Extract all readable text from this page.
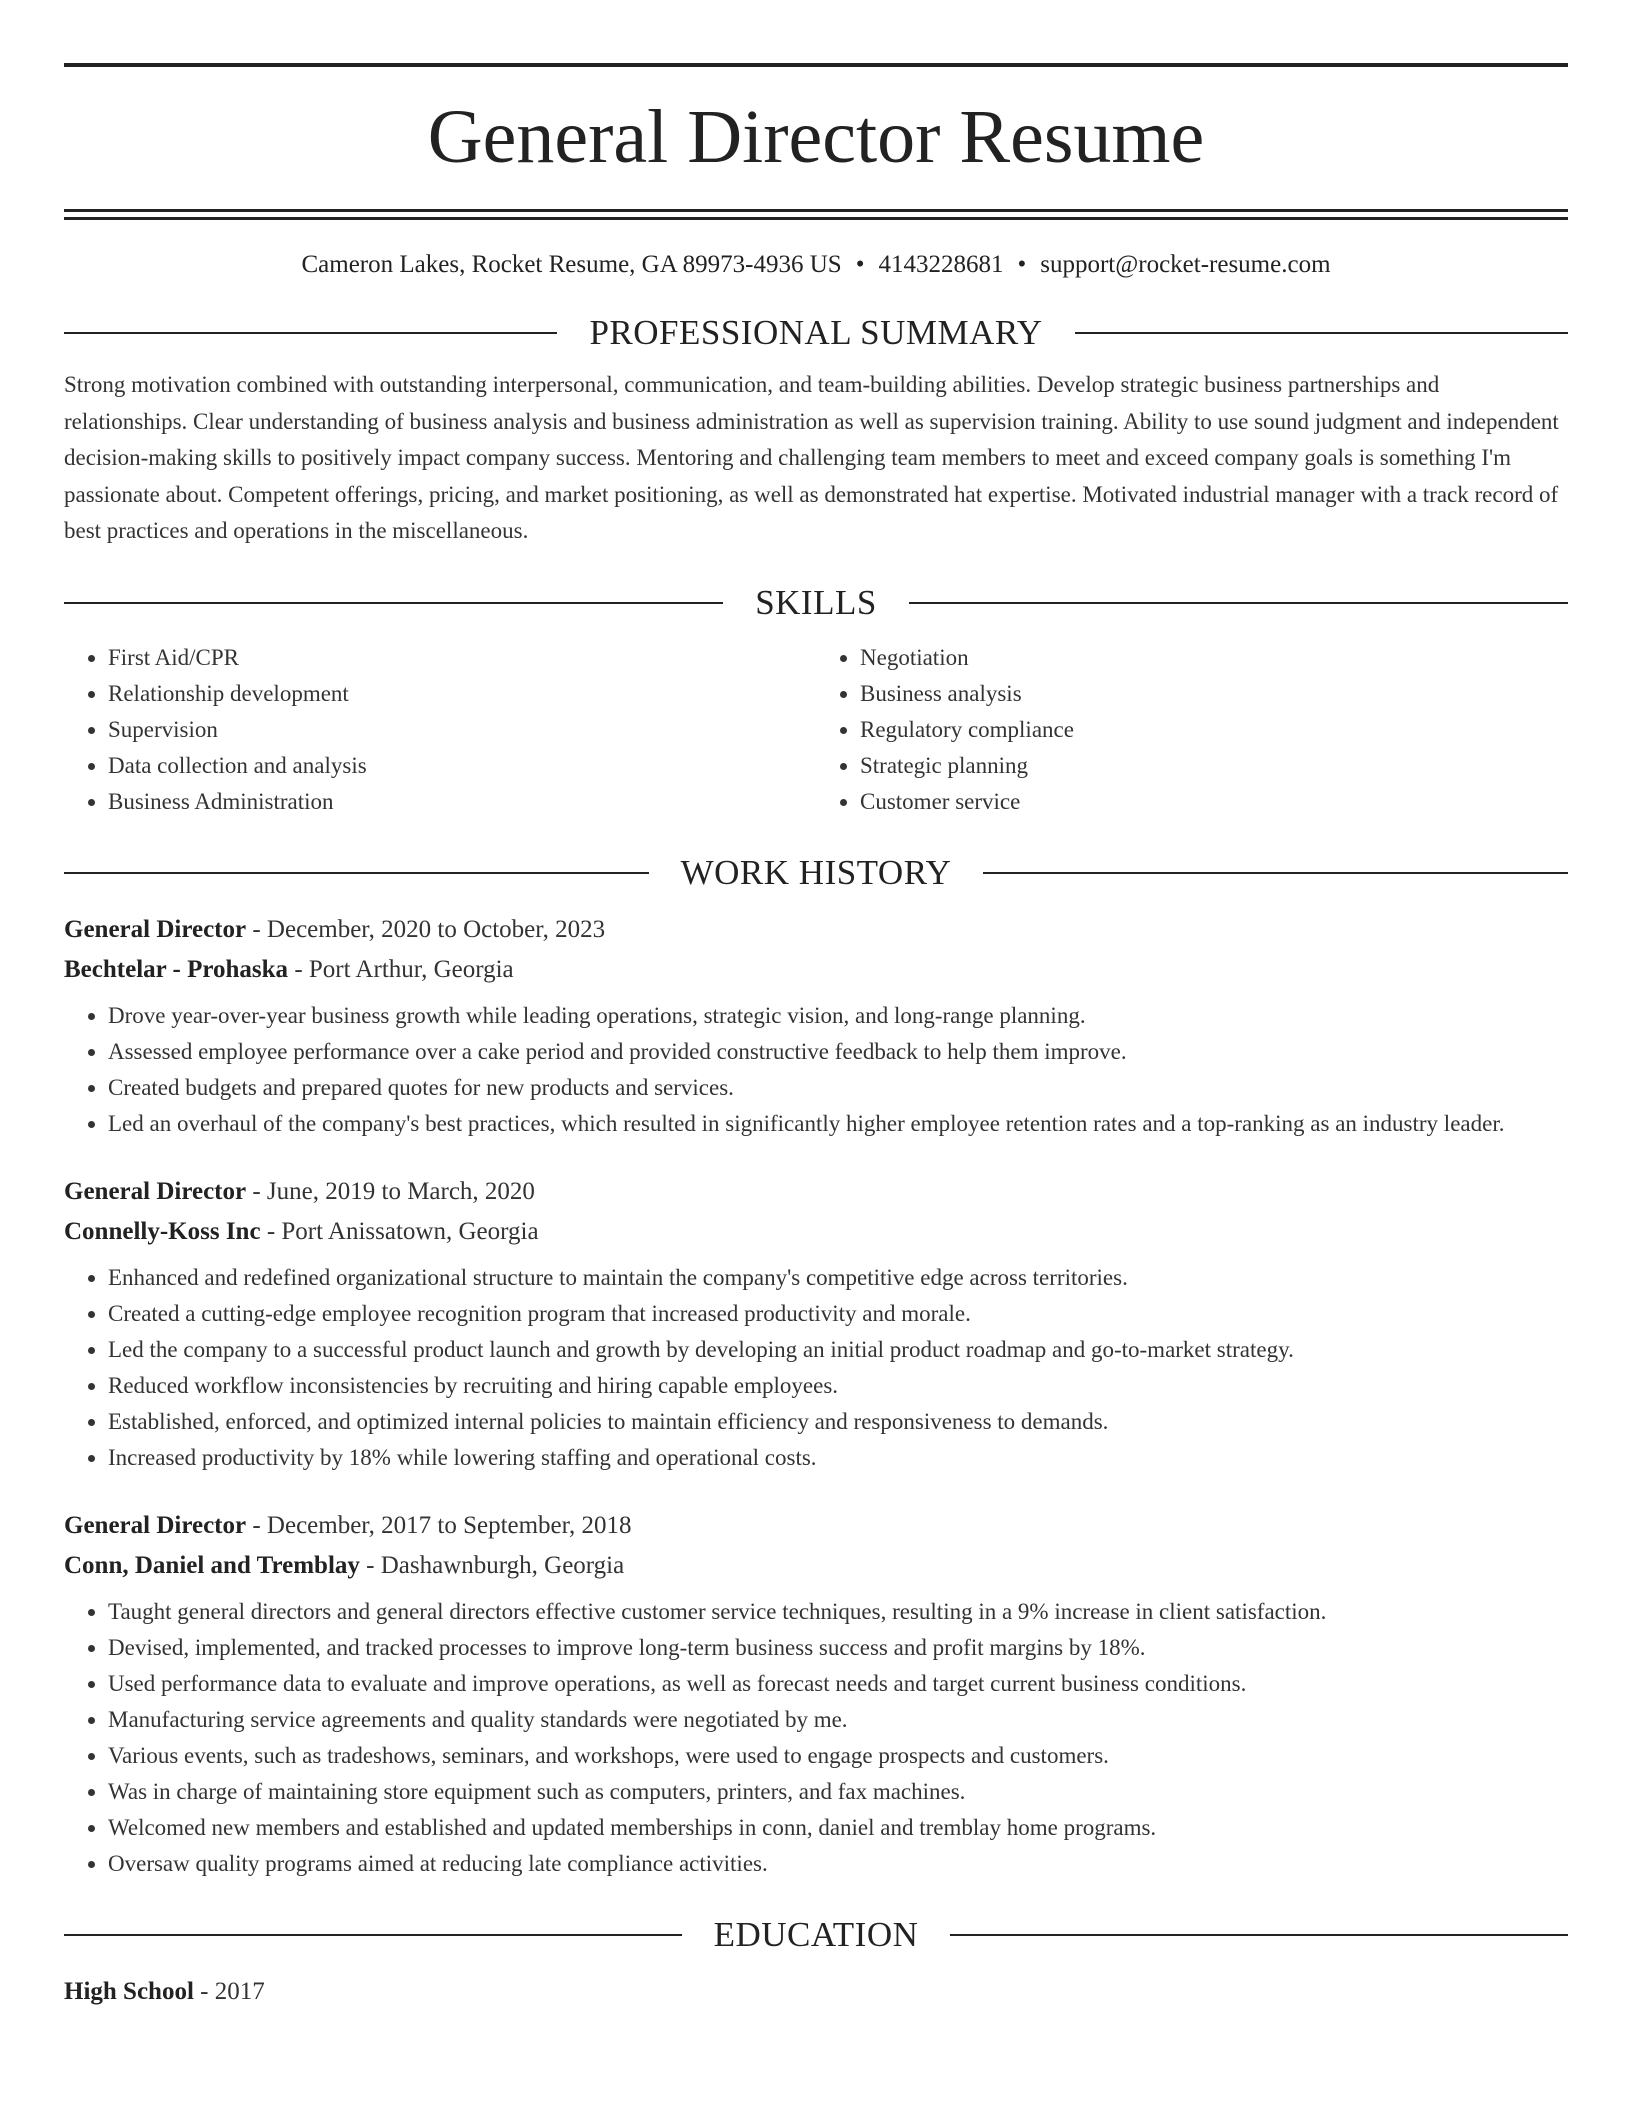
General Director Resume
Cameron Lakes, Rocket Resume, GA 89973-4936 US • 4143228681 • support@rocket-resume.com
PROFESSIONAL SUMMARY
Strong motivation combined with outstanding interpersonal, communication, and team-building abilities. Develop strategic business partnerships and relationships. Clear understanding of business analysis and business administration as well as supervision training. Ability to use sound judgment and independent decision-making skills to positively impact company success. Mentoring and challenging team members to meet and exceed company goals is something I'm passionate about. Competent offerings, pricing, and market positioning, as well as demonstrated hat expertise. Motivated industrial manager with a track record of best practices and operations in the miscellaneous.
SKILLS
• First Aid/CPR
• Relationship development
• Supervision
• Data collection and analysis
• Business Administration
• Negotiation
• Business analysis
• Regulatory compliance
• Strategic planning
• Customer service
WORK HISTORY
General Director - December, 2020 to October, 2023
Bechtelar - Prohaska - Port Arthur, Georgia
• Drove year-over-year business growth while leading operations, strategic vision, and long-range planning.
• Assessed employee performance over a cake period and provided constructive feedback to help them improve.
• Created budgets and prepared quotes for new products and services.
• Led an overhaul of the company's best practices, which resulted in significantly higher employee retention rates and a top-ranking as an industry leader.
General Director - June, 2019 to March, 2020
Connelly-Koss Inc - Port Anissatown, Georgia
• Enhanced and redefined organizational structure to maintain the company's competitive edge across territories.
• Created a cutting-edge employee recognition program that increased productivity and morale.
• Led the company to a successful product launch and growth by developing an initial product roadmap and go-to-market strategy.
• Reduced workflow inconsistencies by recruiting and hiring capable employees.
• Established, enforced, and optimized internal policies to maintain efficiency and responsiveness to demands.
• Increased productivity by 18% while lowering staffing and operational costs.
General Director - December, 2017 to September, 2018
Conn, Daniel and Tremblay - Dashawnburgh, Georgia
• Taught general directors and general directors effective customer service techniques, resulting in a 9% increase in client satisfaction.
• Devised, implemented, and tracked processes to improve long-term business success and profit margins by 18%.
• Used performance data to evaluate and improve operations, as well as forecast needs and target current business conditions.
• Manufacturing service agreements and quality standards were negotiated by me.
• Various events, such as tradeshows, seminars, and workshops, were used to engage prospects and customers.
• Was in charge of maintaining store equipment such as computers, printers, and fax machines.
• Welcomed new members and established and updated memberships in conn, daniel and tremblay home programs.
• Oversaw quality programs aimed at reducing late compliance activities.
EDUCATION
High School - 2017
